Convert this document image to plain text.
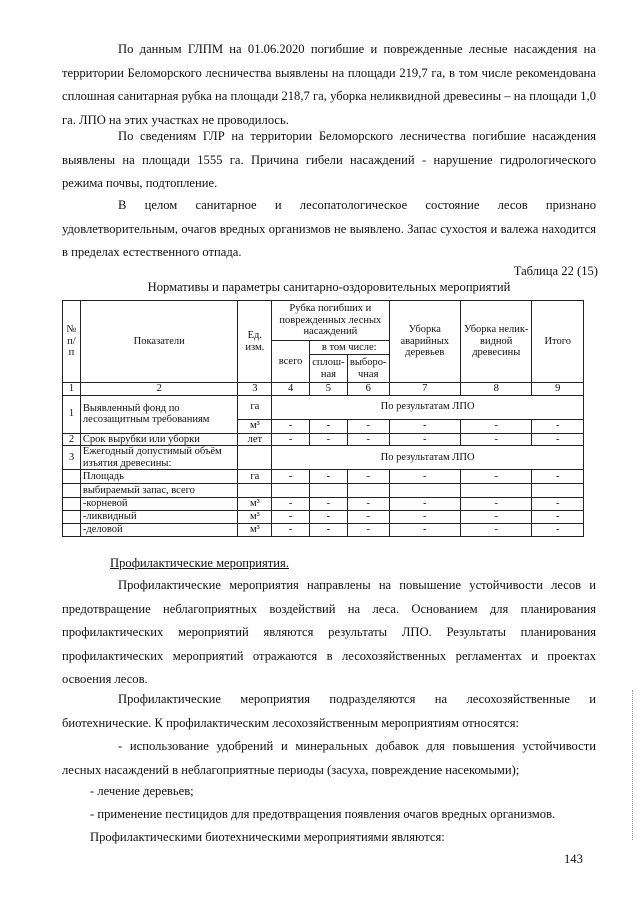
По данным ГЛПМ на 01.06.2020 погибшие и поврежденные лесные насаждения на территории Беломорского лесничества выявлены на площади 219,7 га, в том числе рекомендована сплошная санитарная рубка на площади 218,7 га, уборка неликвидной древесины – на площади 1,0 га. ЛПО на этих участках не проводилось.
По сведениям ГЛР на территории Беломорского лесничества погибшие насаждения выявлены на площади 1555 га. Причина гибели насаждений - нарушение гидрологического режима почвы, подтопление.
В целом санитарное и лесопатологическое состояние лесов признано удовлетворительным, очагов вредных организмов не выявлено. Запас сухостоя и валежа находится в пределах естественного отпада.
Таблица 22 (15)
Нормативы и параметры санитарно-оздоровительных мероприятий
№ п/п	Показатели	Ед. изм.	Рубка погибших и поврежденных лесных насаждений			Уборка аварийных деревьев	Уборка нелик-видной древесины	Итого
			всего	в том числе:				
				сплош-ная	выборо-чная			
1	2	3	4	5	6	7	8	9
1	Выявленный фонд по лесозащитным требованиям	га	По результатам ЛПО					
		м³	-	-	-	-	-	-
2	Срок вырубки или уборки	лет	-	-	-	-	-	-
3	Ежегодный допустимый объём изъятия древесины:		По результатам ЛПО					
	Площадь	га	-	-	-	-	-	-
	выбираемый запас, всего							
	-корневой	м³	-	-	-	-	-	-
	-ликвидный	м³	-	-	-	-	-	-
	-деловой	м³	-	-	-	-	-	-
Профилактические мероприятия.
Профилактические мероприятия направлены на повышение устойчивости лесов и предотвращение неблагоприятных воздействий на леса. Основанием для планирования профилактических мероприятий являются результаты ЛПО. Результаты планирования профилактических мероприятий отражаются в лесохозяйственных регламентах и проектах освоения лесов.
Профилактические мероприятия подразделяются на лесохозяйственные и биотехнические. К профилактическим лесохозяйственным мероприятиям относятся:
- использование удобрений и минеральных добавок для повышения устойчивости лесных насаждений в неблагоприятные периоды (засуха, повреждение насекомыми);
- лечение деревьев;
- применение пестицидов для предотвращения появления очагов вредных организмов.
Профилактическими биотехническими мероприятиями являются:
143
